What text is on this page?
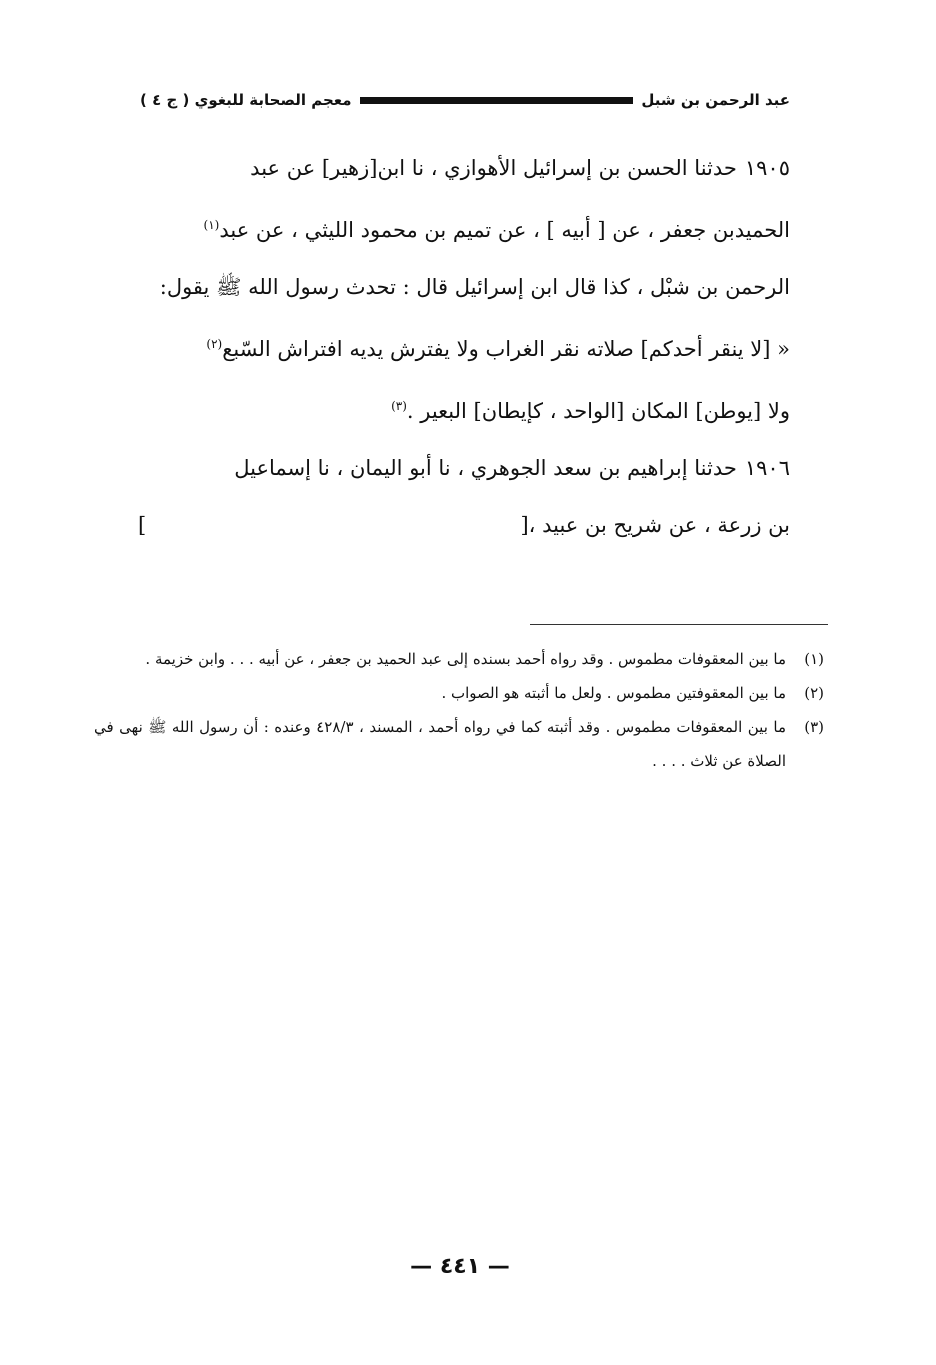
عبد الرحمن بن شبل
معجم الصحابة للبغوي ( ج ٤ )

١٩٠٥حدثنا الحسن بن إسرائيل الأهوازي ، نا ابن[زهير] عن عبد

الحميدبن جعفر ، عن [ أبيه ] ، عن تميم بن محمود الليثي ، عن عبد$^{(١)}$

الرحمن بن شبْل ، كذا قال ابن إسرائيل قال : تحدث رسول الله ﷺ يقول:

« [لا ينقر أحدكم] صلاته نقر الغراب ولا يفترش يديه افتراش السّبع$^{(٢)}$

ولا [يوطن] المكان [الواحد ، كإيطان] البعير .$^{(٣)}$

١٩٠٦حدثنا إبراهيم بن سعد الجوهري ، نا أبو اليمان ، نا إسماعيل

بن زرعة ، عن شريح بن عبيد ،[
]
(١)
ما بين المعقوفات مطموس . وقد رواه أحمد بسنده إلى عبد الحميد بن جعفر ، عن أبيه . . . وابن خزيمة .
(٢)
ما بين المعقوفتين مطموس . ولعل ما أثبته هو الصواب .
(٣)
ما بين المعقوفات مطموس . وقد أثبته كما في رواه أحمد ، المسند ، ٤٢٨/٣ وعنده : أن رسول الله ﷺ نهى في الصلاة عن ثلاث . . . .
— ٤٤١ —
